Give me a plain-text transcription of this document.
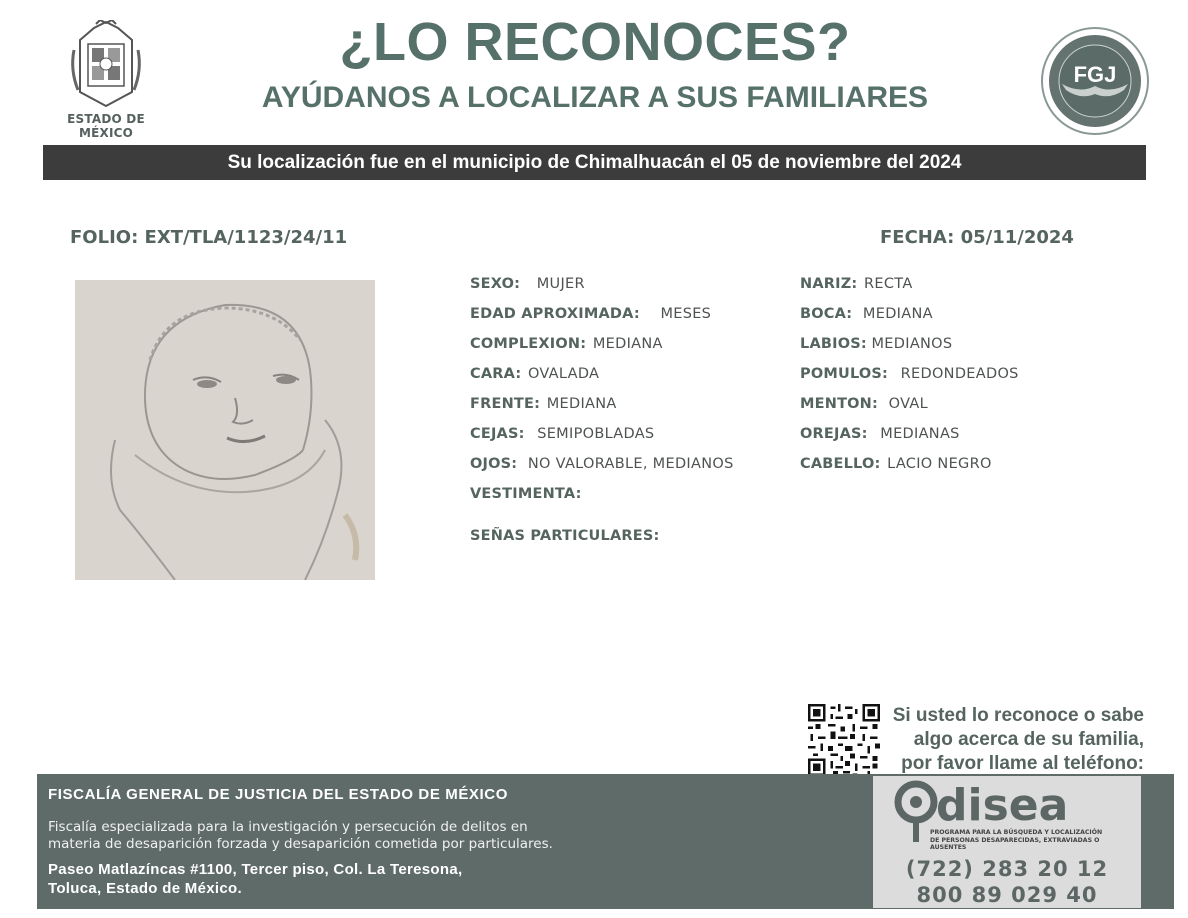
ESTADO DE MÉXICO
¿LO RECONOCES?
AYÚDANOS A LOCALIZAR A SUS FAMILIARES
FGJ
Su localización fue en el municipio de Chimalhuacán el 05 de noviembre del 2024
FOLIO: EXT/TLA/1123/24/11	FECHA: 05/11/2024
SEXO: MUJER
EDAD APROXIMADA: MESES
COMPLEXION: MEDIANA
CARA: OVALADA
FRENTE: MEDIANA
CEJAS: SEMIPOBLADAS
OJOS: NO VALORABLE, MEDIANOS
VESTIMENTA:
SEÑAS PARTICULARES:
NARIZ: RECTA
BOCA: MEDIANA
LABIOS: MEDIANOS
POMULOS: REDONDEADOS
MENTON: OVAL
OREJAS: MEDIANAS
CABELLO: LACIO NEGRO
Si usted lo reconoce o sabe
algo acerca de su familia,
por favor llame al teléfono:
FISCALÍA GENERAL DE JUSTICIA DEL ESTADO DE MÉXICO
Fiscalía especializada para la investigación y persecución de delitos en
materia de desaparición forzada y desaparición cometida por particulares.
Paseo Matlazíncas #1100, Tercer piso, Col. La Teresona,
Toluca, Estado de México.
disea
PROGRAMA PARA LA BÚSQUEDA Y LOCALIZACIÓN DE PERSONAS DESAPARECIDAS, EXTRAVIADAS O AUSENTES
(722) 283 20 12
800 89 029 40
